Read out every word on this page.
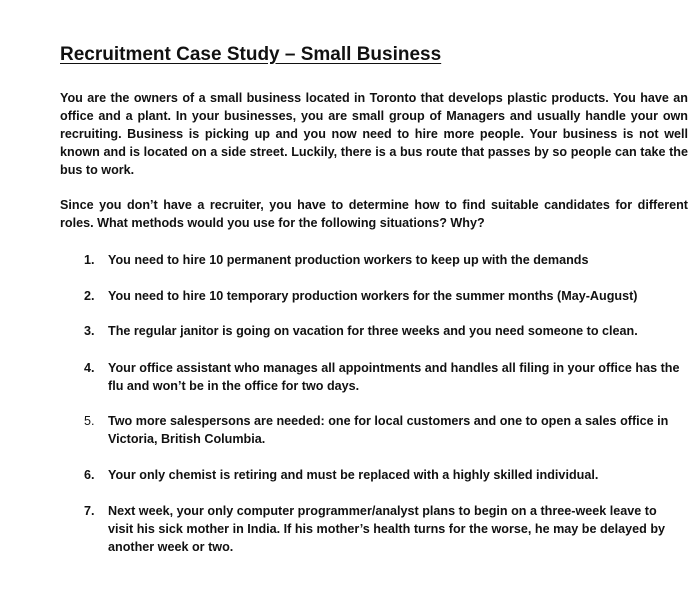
Recruitment Case Study – Small Business

You are the owners of a small business located in Toronto that develops plastic products. You have an office and a plant. In your businesses, you are small group of Managers and usually handle your own recruiting. Business is picking up and you now need to hire more people. Your business is not well known and is located on a side street. Luckily, there is a bus route that passes by so people can take the bus to work.

Since you don’t have a recruiter, you have to determine how to find suitable candidates for different roles. What methods would you use for the following situations? Why?

1.	You need to hire 10 permanent production workers to keep up with the demands
2.	You need to hire 10 temporary production workers for the summer months (May-August)
3.	The regular janitor is going on vacation for three weeks and you need someone to clean.
4.	Your office assistant who manages all appointments and handles all filing in your office has the flu and won’t be in the office for two days.
5.	Two more salespersons are needed: one for local customers and one to open a sales office in Victoria, British Columbia.
6.	Your only chemist is retiring and must be replaced with a highly skilled individual.
7.	Next week, your only computer programmer/analyst plans to begin on a three-week leave to visit his sick mother in India. If his mother’s health turns for the worse, he may be delayed by another week or two.
